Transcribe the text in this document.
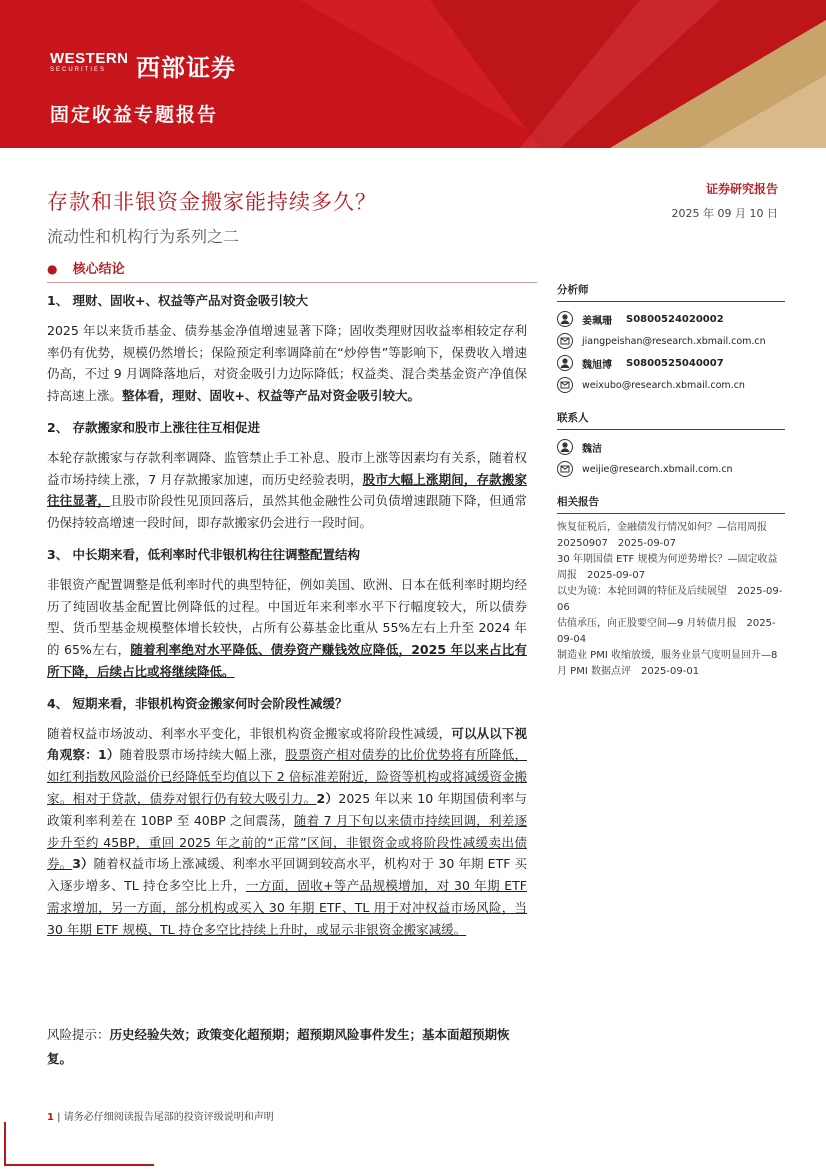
WESTERN
SECURITIES	西部证券
固定收益专题报告
存款和非银资金搬家能持续多久？
流动性和机构行为系列之二
证券研究报告
2025 年 09 月 10 日
● 核心结论
1、 理财、固收+、权益等产品对资金吸引较大
2025 年以来货币基金、债券基金净值增速显著下降；固收类理财因收益率相较定存利率仍有优势，规模仍然增长；保险预定利率调降前在“炒停售”等影响下，保费收入增速仍高，不过 9 月调降落地后，对资金吸引力边际降低；权益类、混合类基金资产净值保持高速上涨。整体看，理财、固收+、权益等产品对资金吸引较大。
2、 存款搬家和股市上涨往往互相促进
本轮存款搬家与存款利率调降、监管禁止手工补息、股市上涨等因素均有关系，随着权益市场持续上涨，7 月存款搬家加速，而历史经验表明，股市大幅上涨期间，存款搬家往往显著，且股市阶段性见顶回落后，虽然其他金融性公司负债增速跟随下降，但通常仍保持较高增速一段时间，即存款搬家仍会进行一段时间。
3、 中长期来看，低利率时代非银机构往往调整配置结构
非银资产配置调整是低利率时代的典型特征，例如美国、欧洲、日本在低利率时期均经历了纯固收基金配置比例降低的过程。中国近年来利率水平下行幅度较大，所以债券型、货币型基金规模整体增长较快，占所有公募基金比重从 55%左右上升至 2024 年的 65%左右，随着利率绝对水平降低、债券资产赚钱效应降低，2025 年以来占比有所下降，后续占比或将继续降低。
4、 短期来看，非银机构资金搬家何时会阶段性减缓？
随着权益市场波动、利率水平变化，非银机构资金搬家或将阶段性减缓，可以从以下视角观察：1）随着股票市场持续大幅上涨，股票资产相对债券的比价优势将有所降低，如红利指数风险溢价已经降低至均值以下 2 倍标准差附近，险资等机构或将减缓资金搬家。相对于贷款，债券对银行仍有较大吸引力。2）2025 年以来 10 年期国债利率与政策利率利差在 10BP 至 40BP 之间震荡，随着 7 月下旬以来债市持续回调，利差逐步升至约 45BP，重回 2025 年之前的“正常”区间，非银资金或将阶段性减缓卖出债券。3）随着权益市场上涨减缓、利率水平回调到较高水平，机构对于 30 年期 ETF 买入逐步增多、TL 持仓多空比上升，一方面，固收+等产品规模增加，对 30 年期 ETF 需求增加，另一方面，部分机构或买入 30 年期 ETF、TL 用于对冲权益市场风险，当 30 年期 ETF 规模、TL 持仓多空比持续上升时，或显示非银资金搬家减缓。
风险提示：历史经验失效；政策变化超预期；超预期风险事件发生；基本面超预期恢复。
分析师
姜珮珊 S0800524020002
jiangpeishan@research.xbmail.com.cn
魏旭博 S0800525040007
weixubo@research.xbmail.com.cn
联系人
魏洁
weijie@research.xbmail.com.cn
相关报告
恢复征税后，金融债发行情况如何？—信用周报 20250907　2025-09-07
30 年期国债 ETF 规模为何逆势增长？—固定收益周报　2025-09-07
以史为镜：本轮回调的特征及后续展望　2025-09-06
估值承压，向正股要空间—9 月转债月报　2025-09-04
制造业 PMI 收缩放缓，服务业景气度明显回升—8 月 PMI 数据点评　2025-09-01
1 | 请务必仔细阅读报告尾部的投资评级说明和声明
